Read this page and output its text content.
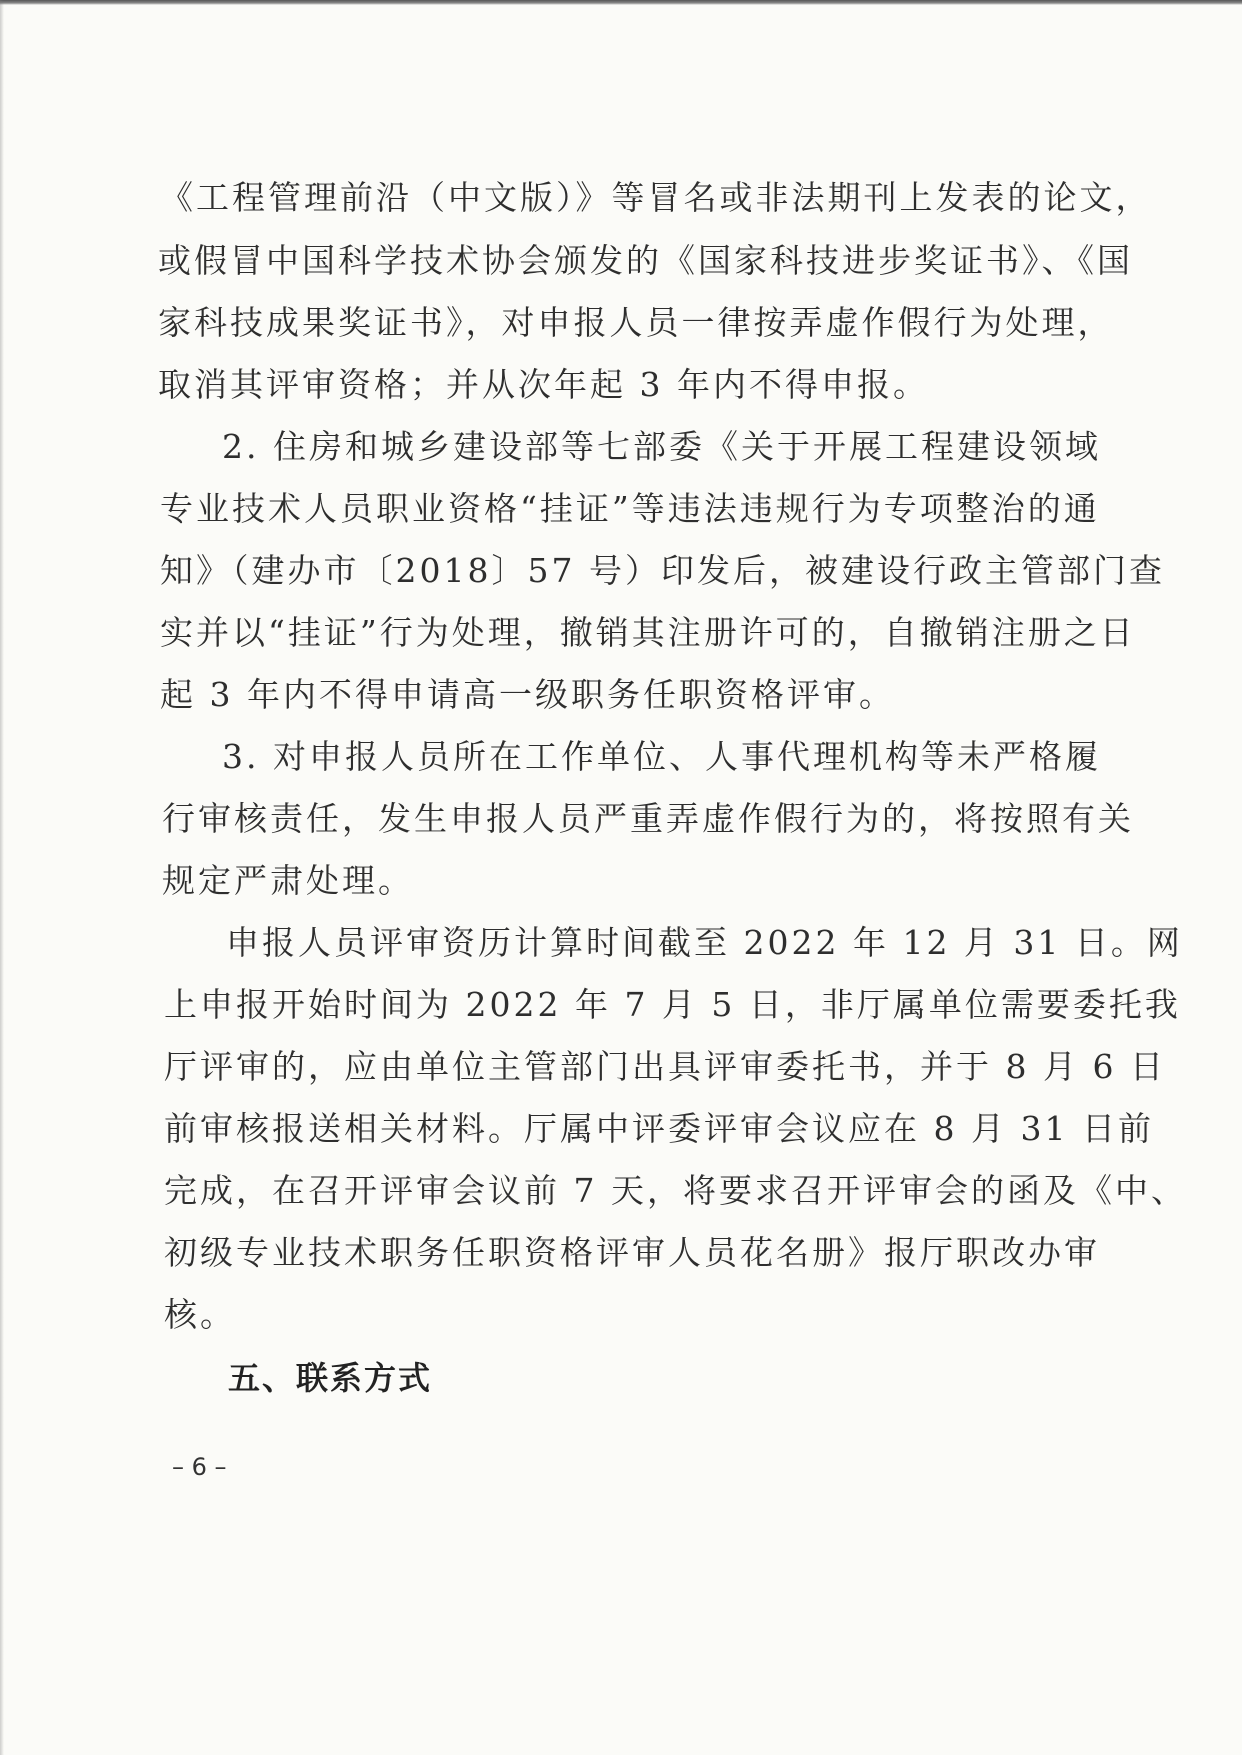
《工程管理前沿（中文版）》等冒名或非法期刊上发表的论文，
或假冒中国科学技术协会颁发的《国家科技进步奖证书》、《国
家科技成果奖证书》，对申报人员一律按弄虚作假行为处理，
取消其评审资格；并从次年起 3 年内不得申报。
2. 住房和城乡建设部等七部委《关于开展工程建设领域
专业技术人员职业资格“挂证”等违法违规行为专项整治的通
知》（建办市〔2018〕57 号）印发后，被建设行政主管部门查
实并以“挂证”行为处理，撤销其注册许可的，自撤销注册之日
起 3 年内不得申请高一级职务任职资格评审。
3. 对申报人员所在工作单位、人事代理机构等未严格履
行审核责任，发生申报人员严重弄虚作假行为的，将按照有关
规定严肃处理。
申报人员评审资历计算时间截至 2022 年 12 月 31 日。网
上申报开始时间为 2022 年 7 月 5 日，非厅属单位需要委托我
厅评审的，应由单位主管部门出具评审委托书，并于 8 月 6 日
前审核报送相关材料。厅属中评委评审会议应在 8 月 31 日前
完成，在召开评审会议前 7 天，将要求召开评审会的函及《中、
初级专业技术职务任职资格评审人员花名册》报厅职改办审
核。
五、联系方式
– 6 –
